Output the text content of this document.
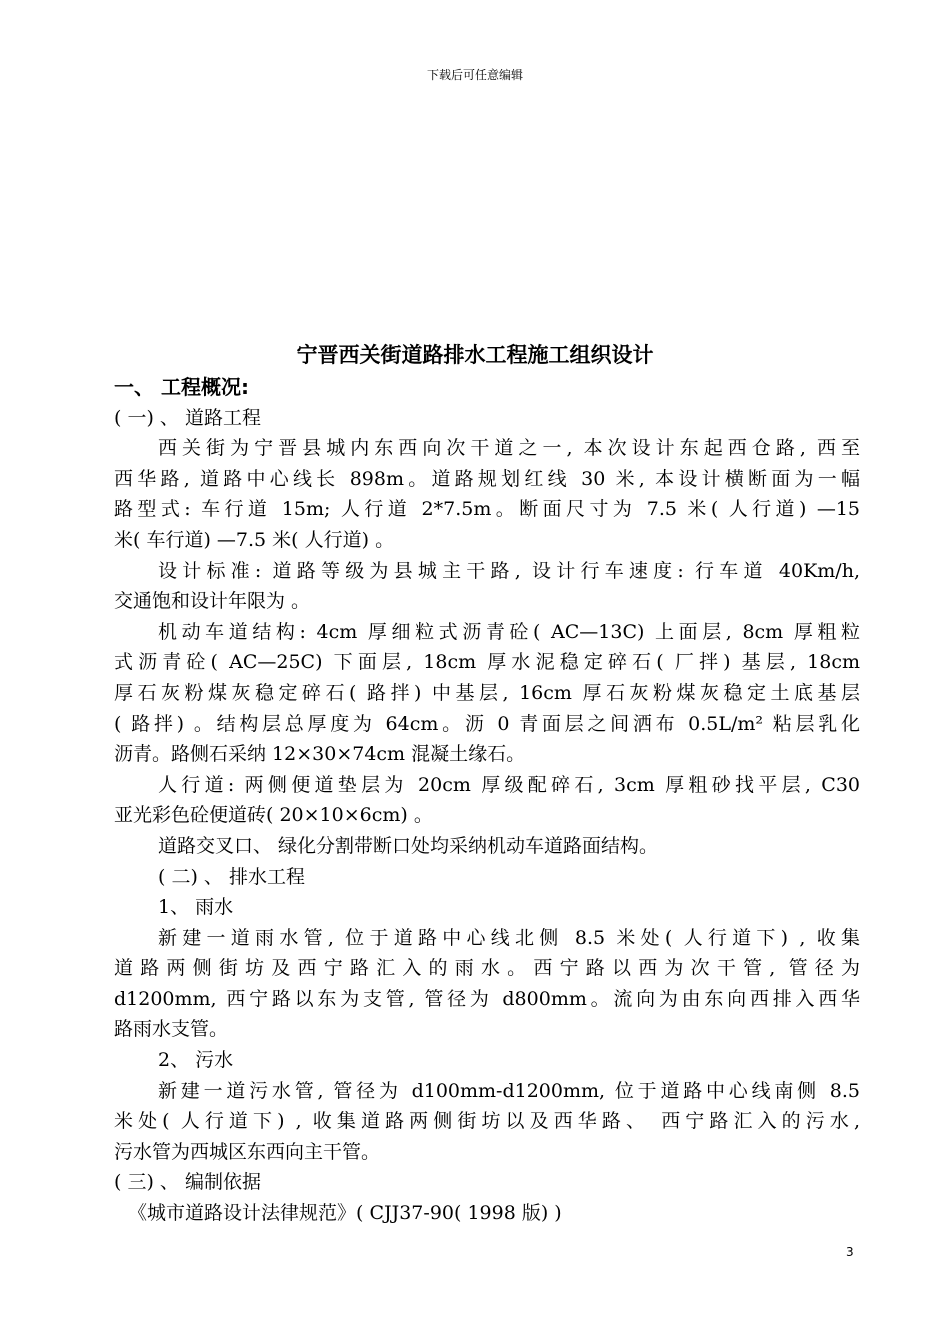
下载后可任意编辑
宁晋西关街道路排水工程施工组织设计
一、 工程概况:
( 一) 、 道路工程
西关街为宁晋县城内东西向次干道之一, 本次设计东起西仓路, 西至
西华路, 道路中心线长 898m。道路规划红线 30 米, 本设计横断面为一幅
路型式: 车行道 15m; 人行道 2*7.5m。断面尺寸为 7.5 米( 人行道) —15
米( 车行道) —7.5 米( 人行道) 。
设计标准: 道路等级为县城主干路, 设计行车速度: 行车道 40Km/h,
交通饱和设计年限为 。
机动车道结构: 4cm 厚细粒式沥青砼( AC—13C) 上面层, 8cm 厚粗粒
式沥青砼( AC—25C) 下面层, 18cm 厚水泥稳定碎石( 厂拌) 基层, 18cm
厚石灰粉煤灰稳定碎石( 路拌) 中基层, 16cm 厚石灰粉煤灰稳定土底基层
( 路拌) 。结构层总厚度为 64cm。沥 0 青面层之间洒布 0.5L/m² 粘层乳化
沥青。路侧石采纳 12×30×74cm 混凝土缘石。
人行道: 两侧便道垫层为 20cm 厚级配碎石, 3cm 厚粗砂找平层, C30
亚光彩色砼便道砖( 20×10×6cm) 。
道路交叉口、 绿化分割带断口处均采纳机动车道路面结构。
( 二) 、 排水工程
1、 雨水
新建一道雨水管, 位于道路中心线北侧 8.5 米处( 人行道下) , 收集
道路两侧街坊及西宁路汇入的雨水。西宁路以西为次干管, 管径为
d1200mm, 西宁路以东为支管, 管径为 d800mm。流向为由东向西排入西华
路雨水支管。
2、 污水
新建一道污水管, 管径为 d100mm-d1200mm, 位于道路中心线南侧 8.5
米处( 人行道下) , 收集道路两侧街坊以及西华路、 西宁路汇入的污水,
污水管为西城区东西向主干管。
( 三) 、 编制依据
《城市道路设计法律规范》( CJJ37-90( 1998 版) )
3
